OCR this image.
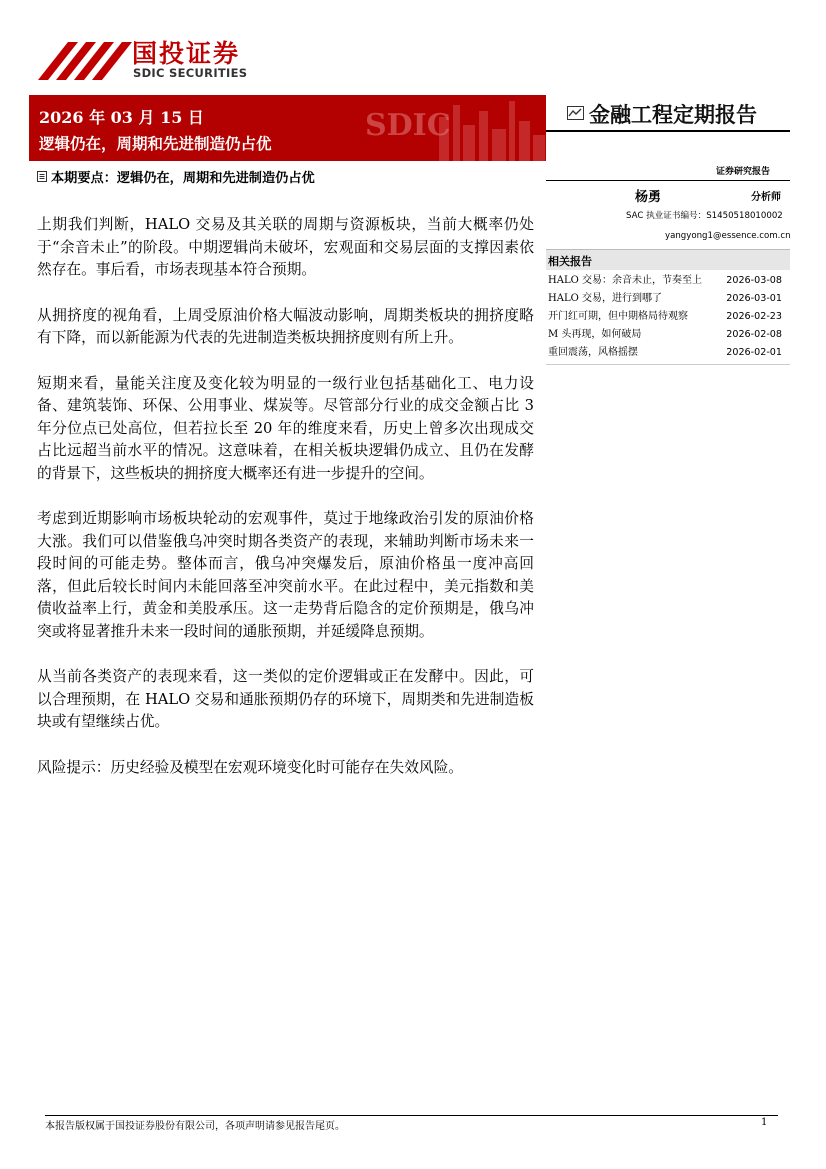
国投证券
SDIC SECURITIES
SDIC
2026 年 03 月 15 日
逻辑仍在，周期和先进制造仍占优
金融工程定期报告
证券研究报告
杨勇	分析师
SAC 执业证书编号：S1450518010002
yangyong1@essence.com.cn
相关报告
HALO 交易：余音未止，节奏至上	2026-03-08
HALO 交易，进行到哪了	2026-03-01
开门红可期，但中期格局待观察	2026-02-23
M 头再现，如何破局	2026-02-08
重回震荡，风格摇摆	2026-02-01
本期要点：逻辑仍在，周期和先进制造仍占优

上期我们判断，HALO 交易及其关联的周期与资源板块，当前大概率仍处于“余音未止”的阶段。中期逻辑尚未破坏，宏观面和交易层面的支撑因素依然存在。事后看，市场表现基本符合预期。

从拥挤度的视角看，上周受原油价格大幅波动影响，周期类板块的拥挤度略有下降，而以新能源为代表的先进制造类板块拥挤度则有所上升。

短期来看，量能关注度及变化较为明显的一级行业包括基础化工、电力设备、建筑装饰、环保、公用事业、煤炭等。尽管部分行业的成交金额占比 3 年分位点已处高位，但若拉长至 20 年的维度来看，历史上曾多次出现成交占比远超当前水平的情况。这意味着，在相关板块逻辑仍成立、且仍在发酵的背景下，这些板块的拥挤度大概率还有进一步提升的空间。

考虑到近期影响市场板块轮动的宏观事件，莫过于地缘政治引发的原油价格大涨。我们可以借鉴俄乌冲突时期各类资产的表现，来辅助判断市场未来一段时间的可能走势。整体而言，俄乌冲突爆发后，原油价格虽一度冲高回落，但此后较长时间内未能回落至冲突前水平。在此过程中，美元指数和美债收益率上行，黄金和美股承压。这一走势背后隐含的定价预期是，俄乌冲突或将显著推升未来一段时间的通胀预期，并延缓降息预期。

从当前各类资产的表现来看，这一类似的定价逻辑或正在发酵中。因此，可以合理预期，在 HALO 交易和通胀预期仍存的环境下，周期类和先进制造板块或有望继续占优。

风险提示：历史经验及模型在宏观环境变化时可能存在失效风险。

本报告版权属于国投证券股份有限公司，各项声明请参见报告尾页。	1
